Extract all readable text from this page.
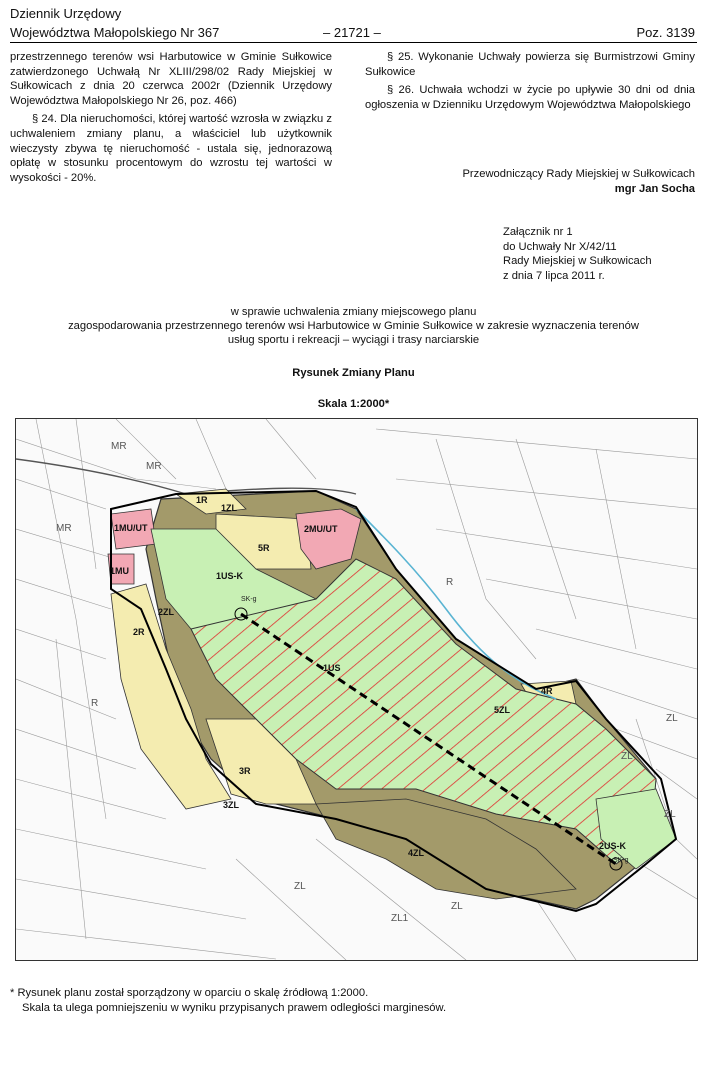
Dziennik Urzędowy
Województwa Małopolskiego Nr 367	– 21721 –	Poz. 3139

przestrzennego terenów wsi Harbutowice w Gminie Sułkowice zatwierdzonego Uchwałą Nr XLIII/298/02 Rady Miejskiej w Sułkowicach z dnia 20 czerwca 2002r (Dziennik Urzędowy Województwa Małopolskiego Nr 26, poz. 466)

§ 24. Dla nieruchomości, której wartość wzrosła w związku z uchwaleniem zmiany planu, a właściciel lub użytkownik wieczysty zbywa tę nieruchomość - ustala się, jednorazową opłatę w stosunku procentowym do wzrostu tej wartości w wysokości - 20%.

§ 25. Wykonanie Uchwały powierza się Burmistrzowi Gminy Sułkowice

§ 26. Uchwała wchodzi w życie po upływie 30 dni od dnia ogłoszenia w Dzienniku Urzędowym Województwa Małopolskiego

Przewodniczący Rady Miejskiej w Sułkowicach
mgr Jan Socha
Załącznik nr 1
do Uchwały Nr X/42/11
Rady Miejskiej w Sułkowicach
z dnia 7 lipca 2011 r.
w sprawie uchwalenia zmiany miejscowego planu
zagospodarowania przestrzennego terenów wsi Harbutowice w Gminie Sułkowice w zakresie wyznaczenia terenów
usług sportu i rekreacji – wyciągi i trasy narciarskie
Rysunek Zmiany Planu
Skala 1:2000*
1R
1ZL
5R
2MU/UT
1MU/UT
1MU
2ZL
1US-K
SK-g
2R
1US
4R
5ZL
3R
3ZL
4ZL
2US-K
SK-g
ZL1
ZL
ZL
ZL
ZL
MR
MR
MR
R
R
ZL
* Rysunek planu został sporządzony w oparciu o skalę źródłową 1:2000.
Skala ta ulega pomniejszeniu w wyniku przypisanych prawem odległości marginesów.
